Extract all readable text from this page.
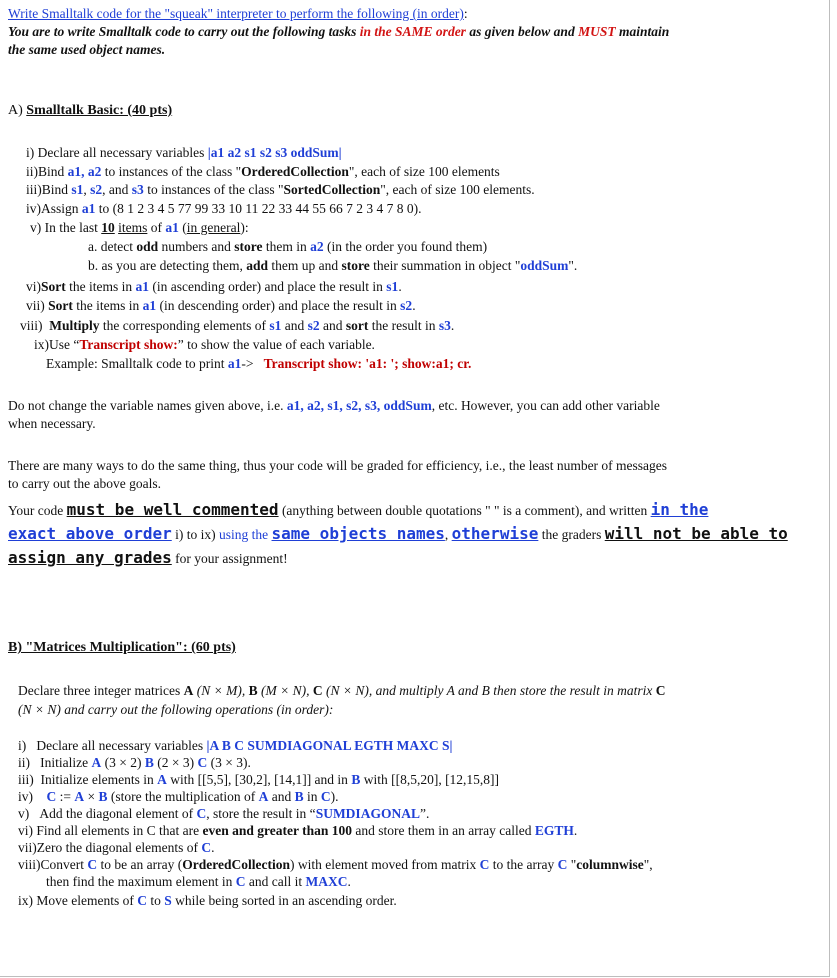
Write Smalltalk code for the "squeak" interpreter to perform the following (in order):
You are to write Smalltalk code to carry out the following tasks in the SAME order as given below and MUST maintain
the same used object names.
A) Smalltalk Basic: (40 pts)
i) Declare all necessary variables |a1 a2 s1 s2 s3 oddSum|
ii)Bind a1, a2 to instances of the class "OrderedCollection", each of size 100 elements
iii)Bind s1, s2, and s3 to instances of the class "SortedCollection", each of size 100 elements.
iv)Assign a1 to (8 1 2 3 4 5 77 99 33 10 11 22 33 44 55 66 7 2 3 4 7 8 0).
v) In the last 10 items of a1 (in general):
a. detect odd numbers and store them in a2 (in the order you found them)
b. as you are detecting them, add them up and store their summation in object "oddSum".
vi)Sort the items in a1 (in ascending order) and place the result in s1.
vii) Sort the items in a1 (in descending order) and place the result in s2.
viii) Multiply the corresponding elements of s1 and s2 and sort the result in s3.
ix)Use “Transcript show:” to show the value of each variable.
Example: Smalltalk code to print a1-> Transcript show: 'a1: '; show:a1; cr.
Do not change the variable names given above, i.e. a1, a2, s1, s2, s3, oddSum, etc. However, you can add other variable
when necessary.
There are many ways to do the same thing, thus your code will be graded for efficiency, i.e., the least number of messages
to carry out the above goals.
Your code must be well commented (anything between double quotations " " is a comment), and written in the
exact above order i) to ix) using the same objects names, otherwise the graders will not be able to
assign any grades for your assignment!
B) "Matrices Multiplication": (60 pts)
Declare three integer matrices A (N × M), B (M × N), C (N × N), and multiply A and B then store the result in matrix C
(N × N) and carry out the following operations (in order):
i) Declare all necessary variables |A B C SUMDIAGONAL EGTH MAXC S|
ii) Initialize A (3 × 2) B (2 × 3) C (3 × 3).
iii) Initialize elements in A with [[5,5], [30,2], [14,1]] and in B with [[8,5,20], [12,15,8]]
iv) C := A × B (store the multiplication of A and B in C).
v) Add the diagonal element of C, store the result in “SUMDIAGONAL”.
vi) Find all elements in C that are even and greater than 100 and store them in an array called EGTH.
vii)Zero the diagonal elements of C.
viii)Convert C to be an array (OrderedCollection) with element moved from matrix C to the array C "columnwise",
then find the maximum element in C and call it MAXC.
ix) Move elements of C to S while being sorted in an ascending order.
